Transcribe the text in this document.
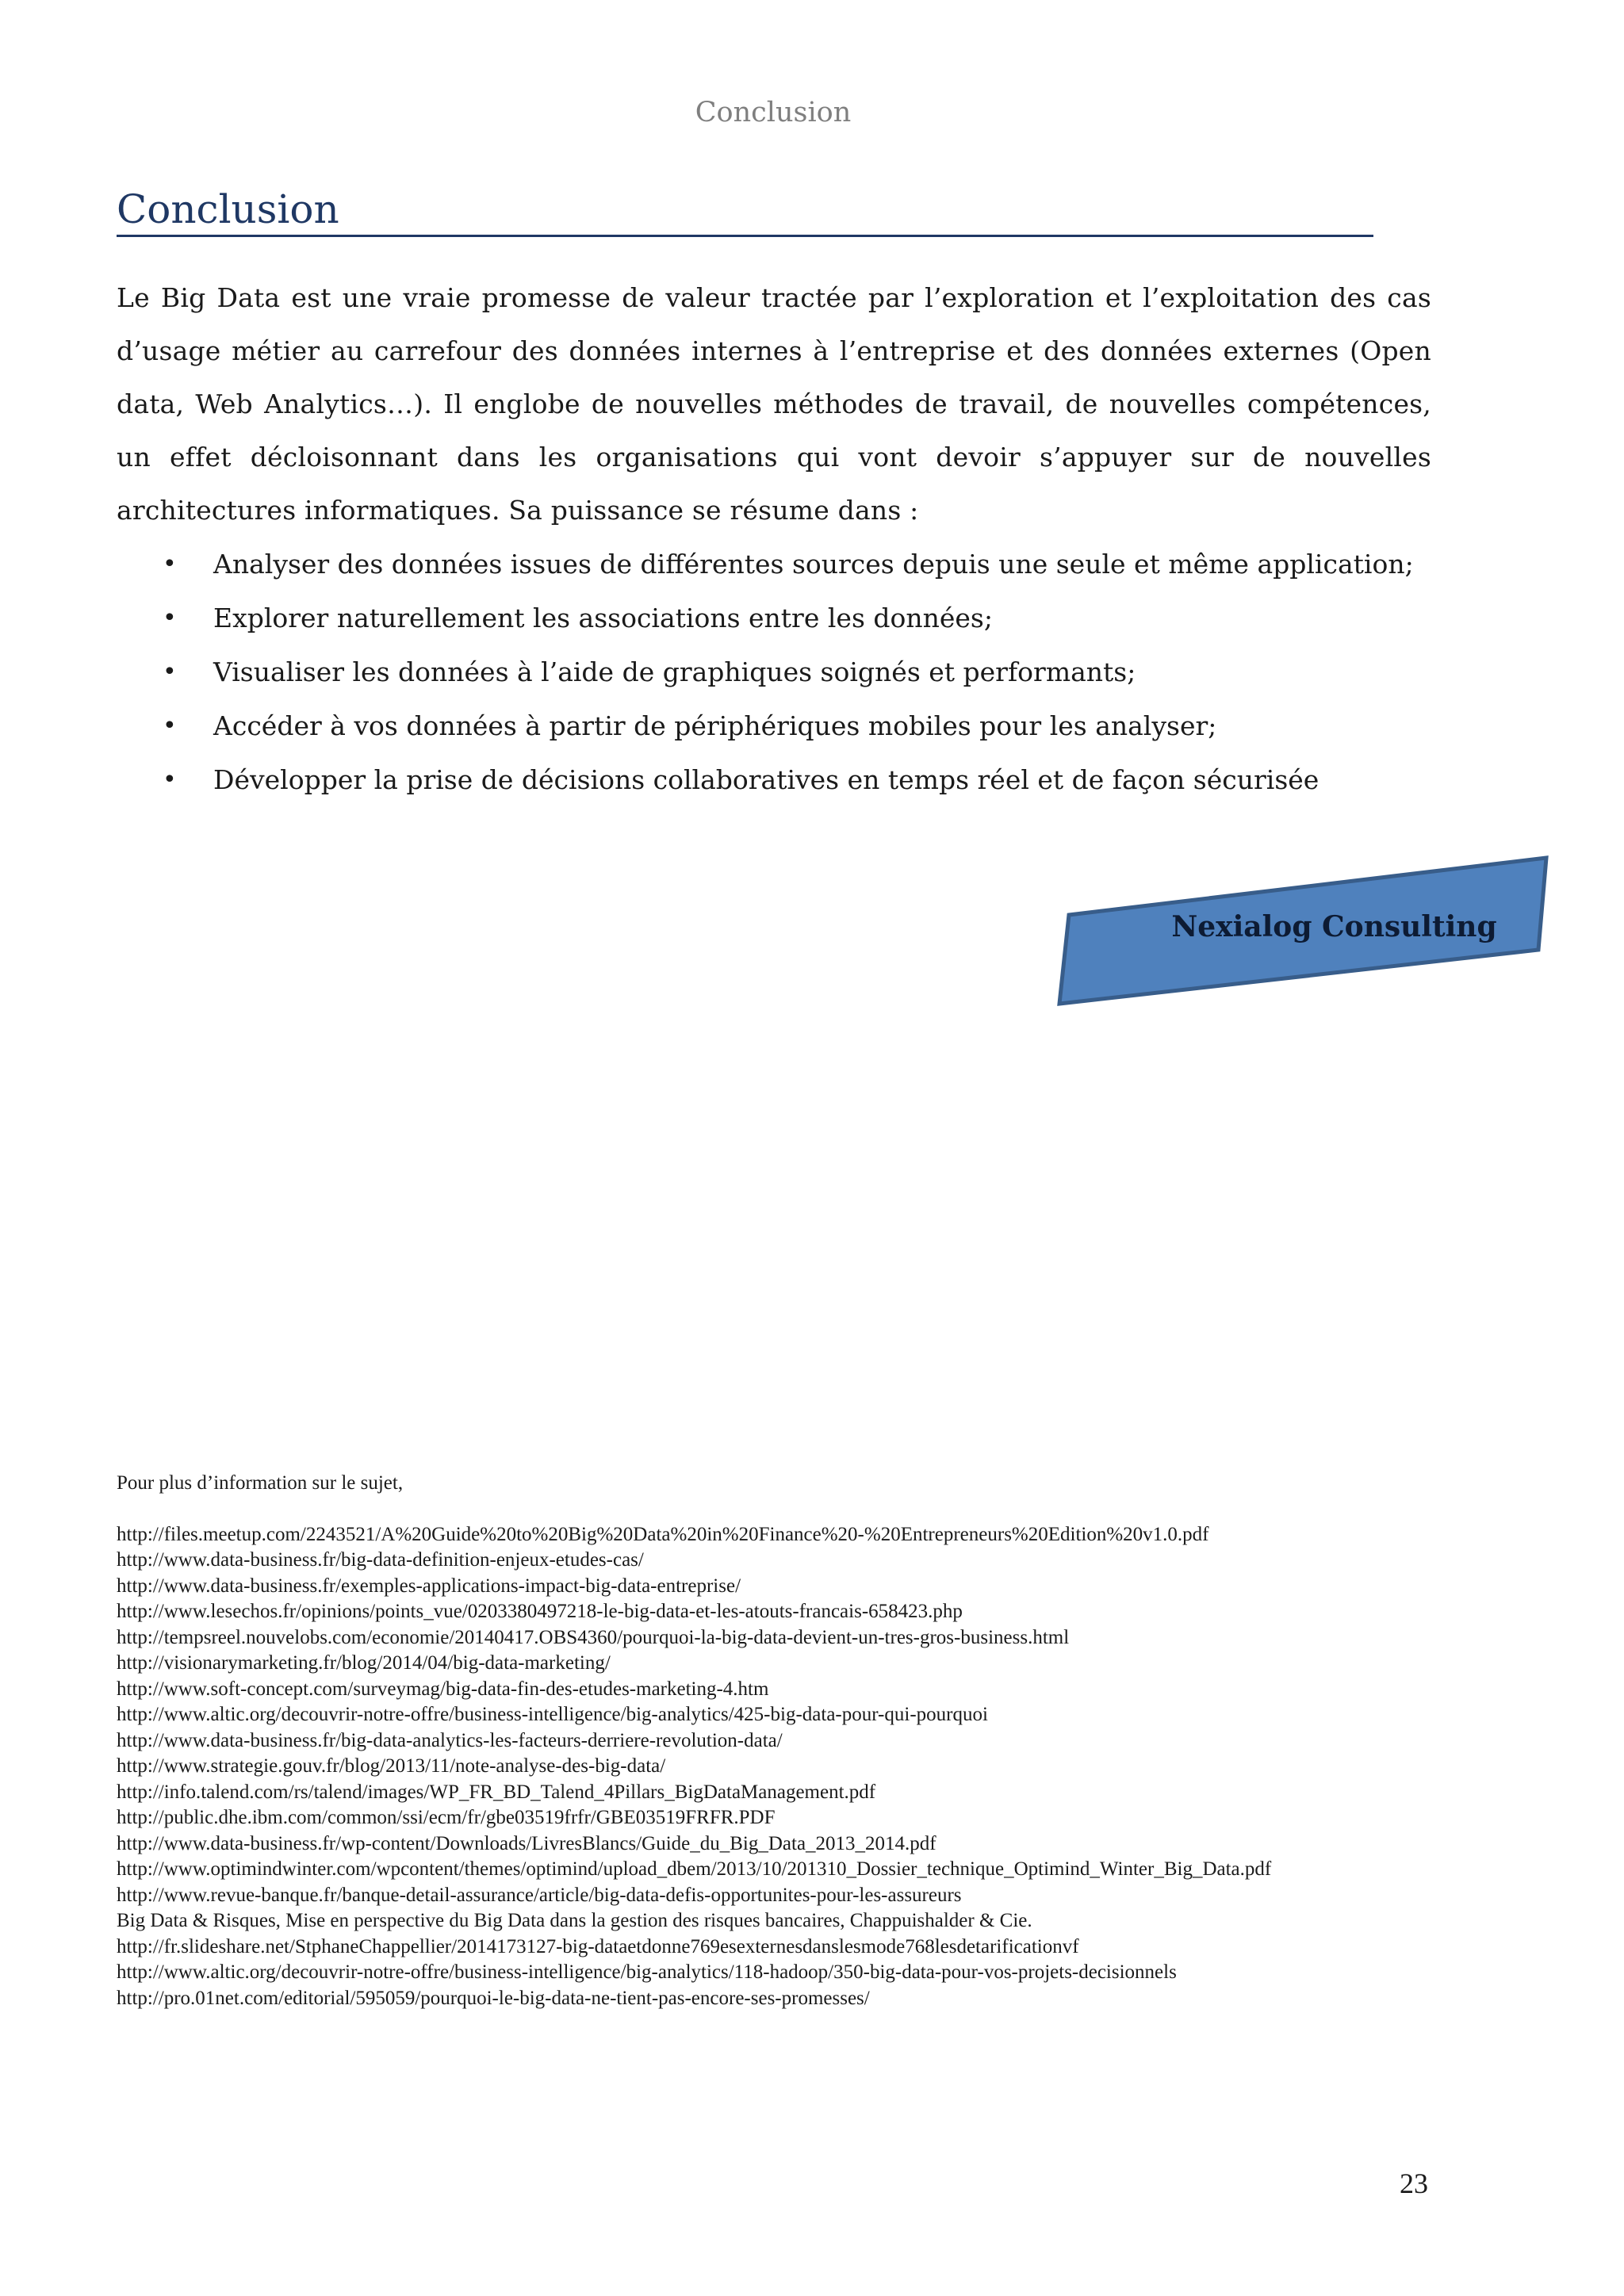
Conclusion
Conclusion

Le Big Data est une vraie promesse de valeur tractée par l’exploration et l’exploitation des cas d’usage métier au carrefour des données internes à l’entreprise et des données externes (Open data, Web Analytics…). Il englobe de nouvelles méthodes de travail, de nouvelles compétences, un effet décloisonnant dans les organisations qui vont devoir s’appuyer sur de nouvelles architectures informatiques. Sa puissance se résume dans :

• Analyser des données issues de différentes sources depuis une seule et même application;
• Explorer naturellement les associations entre les données;
• Visualiser les données à l’aide de graphiques soignés et performants;
• Accéder à vos données à partir de périphériques mobiles pour les analyser;
• Développer la prise de décisions collaboratives en temps réel et de façon sécurisée
Nexialog Consulting

Pour plus d’information sur le sujet,

http://files.meetup.com/2243521/A%20Guide%20to%20Big%20Data%20in%20Finance%20-%20Entrepreneurs%20Edition%20v1.0.pdf
http://www.data-business.fr/big-data-definition-enjeux-etudes-cas/
http://www.data-business.fr/exemples-applications-impact-big-data-entreprise/
http://www.lesechos.fr/opinions/points_vue/0203380497218-le-big-data-et-les-atouts-francais-658423.php
http://tempsreel.nouvelobs.com/economie/20140417.OBS4360/pourquoi-la-big-data-devient-un-tres-gros-business.html
http://visionarymarketing.fr/blog/2014/04/big-data-marketing/
http://www.soft-concept.com/surveymag/big-data-fin-des-etudes-marketing-4.htm
http://www.altic.org/decouvrir-notre-offre/business-intelligence/big-analytics/425-big-data-pour-qui-pourquoi
http://www.data-business.fr/big-data-analytics-les-facteurs-derriere-revolution-data/
http://www.strategie.gouv.fr/blog/2013/11/note-analyse-des-big-data/
http://info.talend.com/rs/talend/images/WP_FR_BD_Talend_4Pillars_BigDataManagement.pdf
http://public.dhe.ibm.com/common/ssi/ecm/fr/gbe03519frfr/GBE03519FRFR.PDF
http://www.data-business.fr/wp-content/Downloads/LivresBlancs/Guide_du_Big_Data_2013_2014.pdf
http://www.optimindwinter.com/wpcontent/themes/optimind/upload_dbem/2013/10/201310_Dossier_technique_Optimind_Winter_Big_Data.pdf
http://www.revue-banque.fr/banque-detail-assurance/article/big-data-defis-opportunites-pour-les-assureurs
Big Data & Risques, Mise en perspective du Big Data dans la gestion des risques bancaires, Chappuishalder & Cie.
http://fr.slideshare.net/StphaneChappellier/2014173127-big-dataetdonne769esexternesdanslesmode768lesdetarificationvf
http://www.altic.org/decouvrir-notre-offre/business-intelligence/big-analytics/118-hadoop/350-big-data-pour-vos-projets-decisionnels
http://pro.01net.com/editorial/595059/pourquoi-le-big-data-ne-tient-pas-encore-ses-promesses/
23
